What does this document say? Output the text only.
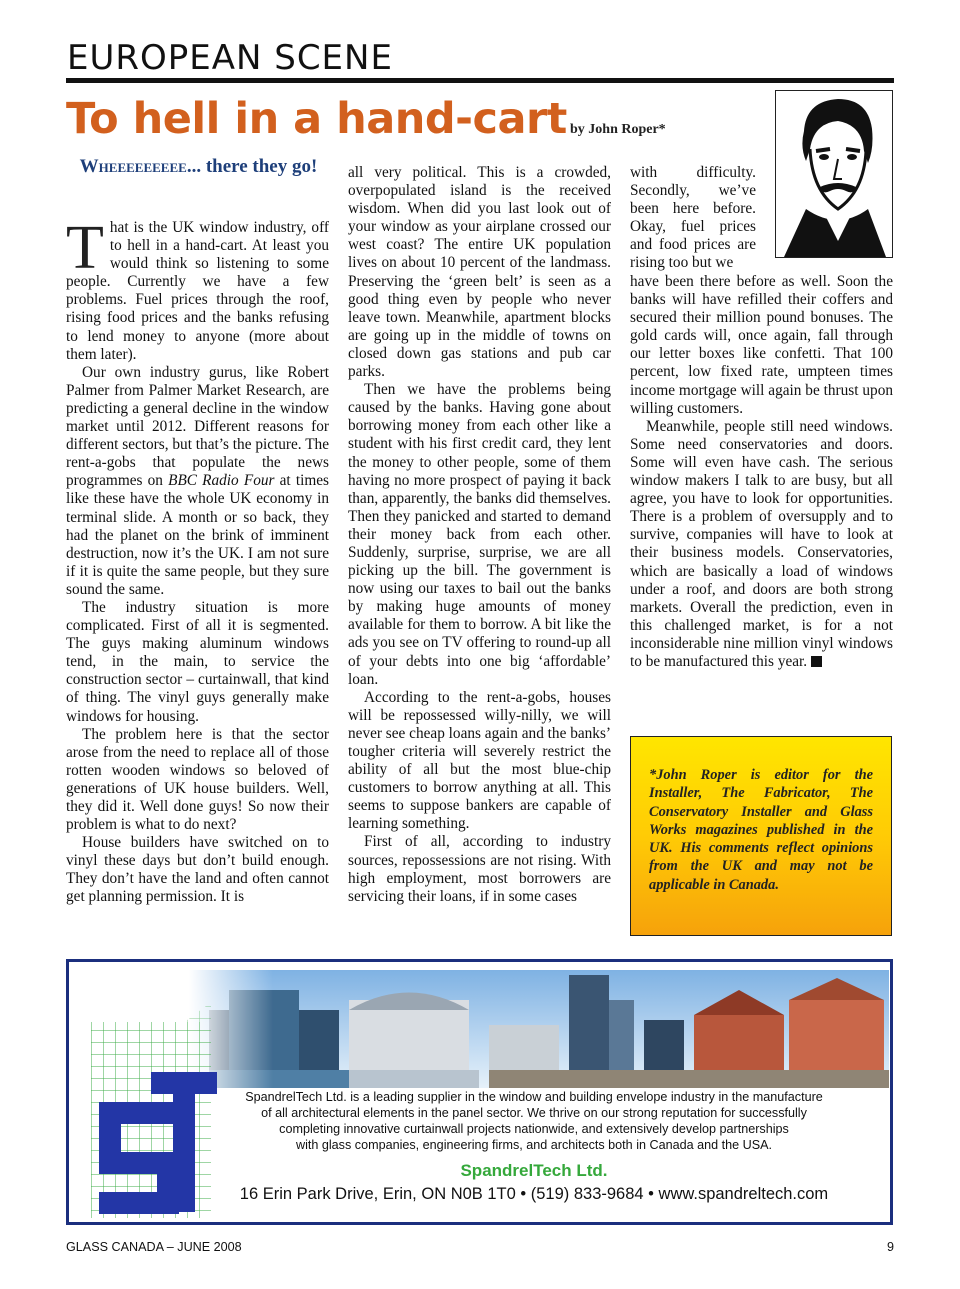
EUROPEAN SCENE
To hell in a hand-cart by John Roper*
Wheeeeeeeee... there they go!

That is the UK window industry, off to hell in a hand-cart. At least you would think so listening to some people. Currently we have a few problems. Fuel prices through the roof, rising food prices and the banks refusing to lend money to anyone (more about them later).

Our own industry gurus, like Robert Palmer from Palmer Market Research, are predicting a general decline in the window market until 2012. Different reasons for different sectors, but that’s the picture. The rent-a-gobs that populate the news programmes on BBC Radio Four at times like these have the whole UK economy in terminal slide. A month or so back, they had the planet on the brink of imminent destruction, now it’s the UK. I am not sure if it is quite the same people, but they sure sound the same.

The industry situation is more complicated. First of all it is segmented. The guys making aluminum windows tend, in the main, to service the construction sector – curtainwall, that kind of thing. The vinyl guys generally make windows for housing.

The problem here is that the sector arose from the need to replace all of those rotten wooden windows so beloved of generations of UK house builders. Well, they did it. Well done guys! So now their problem is what to do next?

House builders have switched on to vinyl these days but don’t build enough. They don’t have the land and often cannot get planning permission. It is

all very political. This is a crowded, overpopulated island is the received wisdom. When did you last look out of your window as your airplane crossed our west coast? The entire UK population lives on about 10 percent of the landmass. Preserving the ‘green belt’ is seen as a good thing even by people who never leave town. Meanwhile, apartment blocks are going up in the middle of towns on closed down gas stations and pub car parks.

Then we have the problems being caused by the banks. Having gone about borrowing money from each other like a student with his first credit card, they lent the money to other people, some of them having no more prospect of paying it back than, apparently, the banks did themselves. Then they panicked and started to demand their money back from each other. Suddenly, surprise, surprise, we are all picking up the bill. The government is now using our taxes to bail out the banks by making huge amounts of money available for them to borrow. A bit like the ads you see on TV offering to round-up all of your debts into one big ‘affordable’ loan.

According to the rent-a-gobs, houses will be repossessed willy-nilly, we will never see cheap loans again and the banks’ tougher criteria will severely restrict the ability of all but the most blue-chip customers to borrow anything at all. This seems to suppose bankers are capable of learning something.

First of all, according to industry sources, repossessions are not rising. With high employment, most borrowers are servicing their loans, if in some cases

with difficulty. Secondly, we’ve been here before. Okay, fuel prices and food prices are rising too but we

have been there before as well. Soon the banks will have refilled their coffers and secured their million pound bonuses. The gold cards will, once again, fall through our letter boxes like confetti. That 100 percent, low fixed rate, umpteen times income mortgage will again be thrust upon willing customers.

Meanwhile, people still need windows. Some need conservatories and doors. Some will even have cash. The serious window makers I talk to are busy, but all agree, you have to look for opportunities. There is a problem of oversupply and to survive, companies will have to look at their business models. Conservatories, which are basically a load of windows under a roof, and doors are both strong markets. Overall the prediction, even in this challenged market, is for a not inconsiderable nine million vinyl windows to be manufactured this year.

*John Roper is editor for the Installer, The Fabricator, The Conservatory Installer and Glass Works magazines published in the UK. His comments reflect opinions from the UK and may not be applicable in Canada.
SpandrelTech Ltd. is a leading supplier in the window and building envelope industry in the manufacture
of all architectural elements in the panel sector. We thrive on our strong reputation for successfully
completing innovative curtainwall projects nationwide, and extensively develop partnerships
with glass companies, engineering firms, and architects both in Canada and the USA.
SpandrelTech Ltd.
16 Erin Park Drive, Erin, ON N0B 1T0 • (519) 833-9684 • www.spandreltech.com
GLASS CANADA – JUNE 2008	9
